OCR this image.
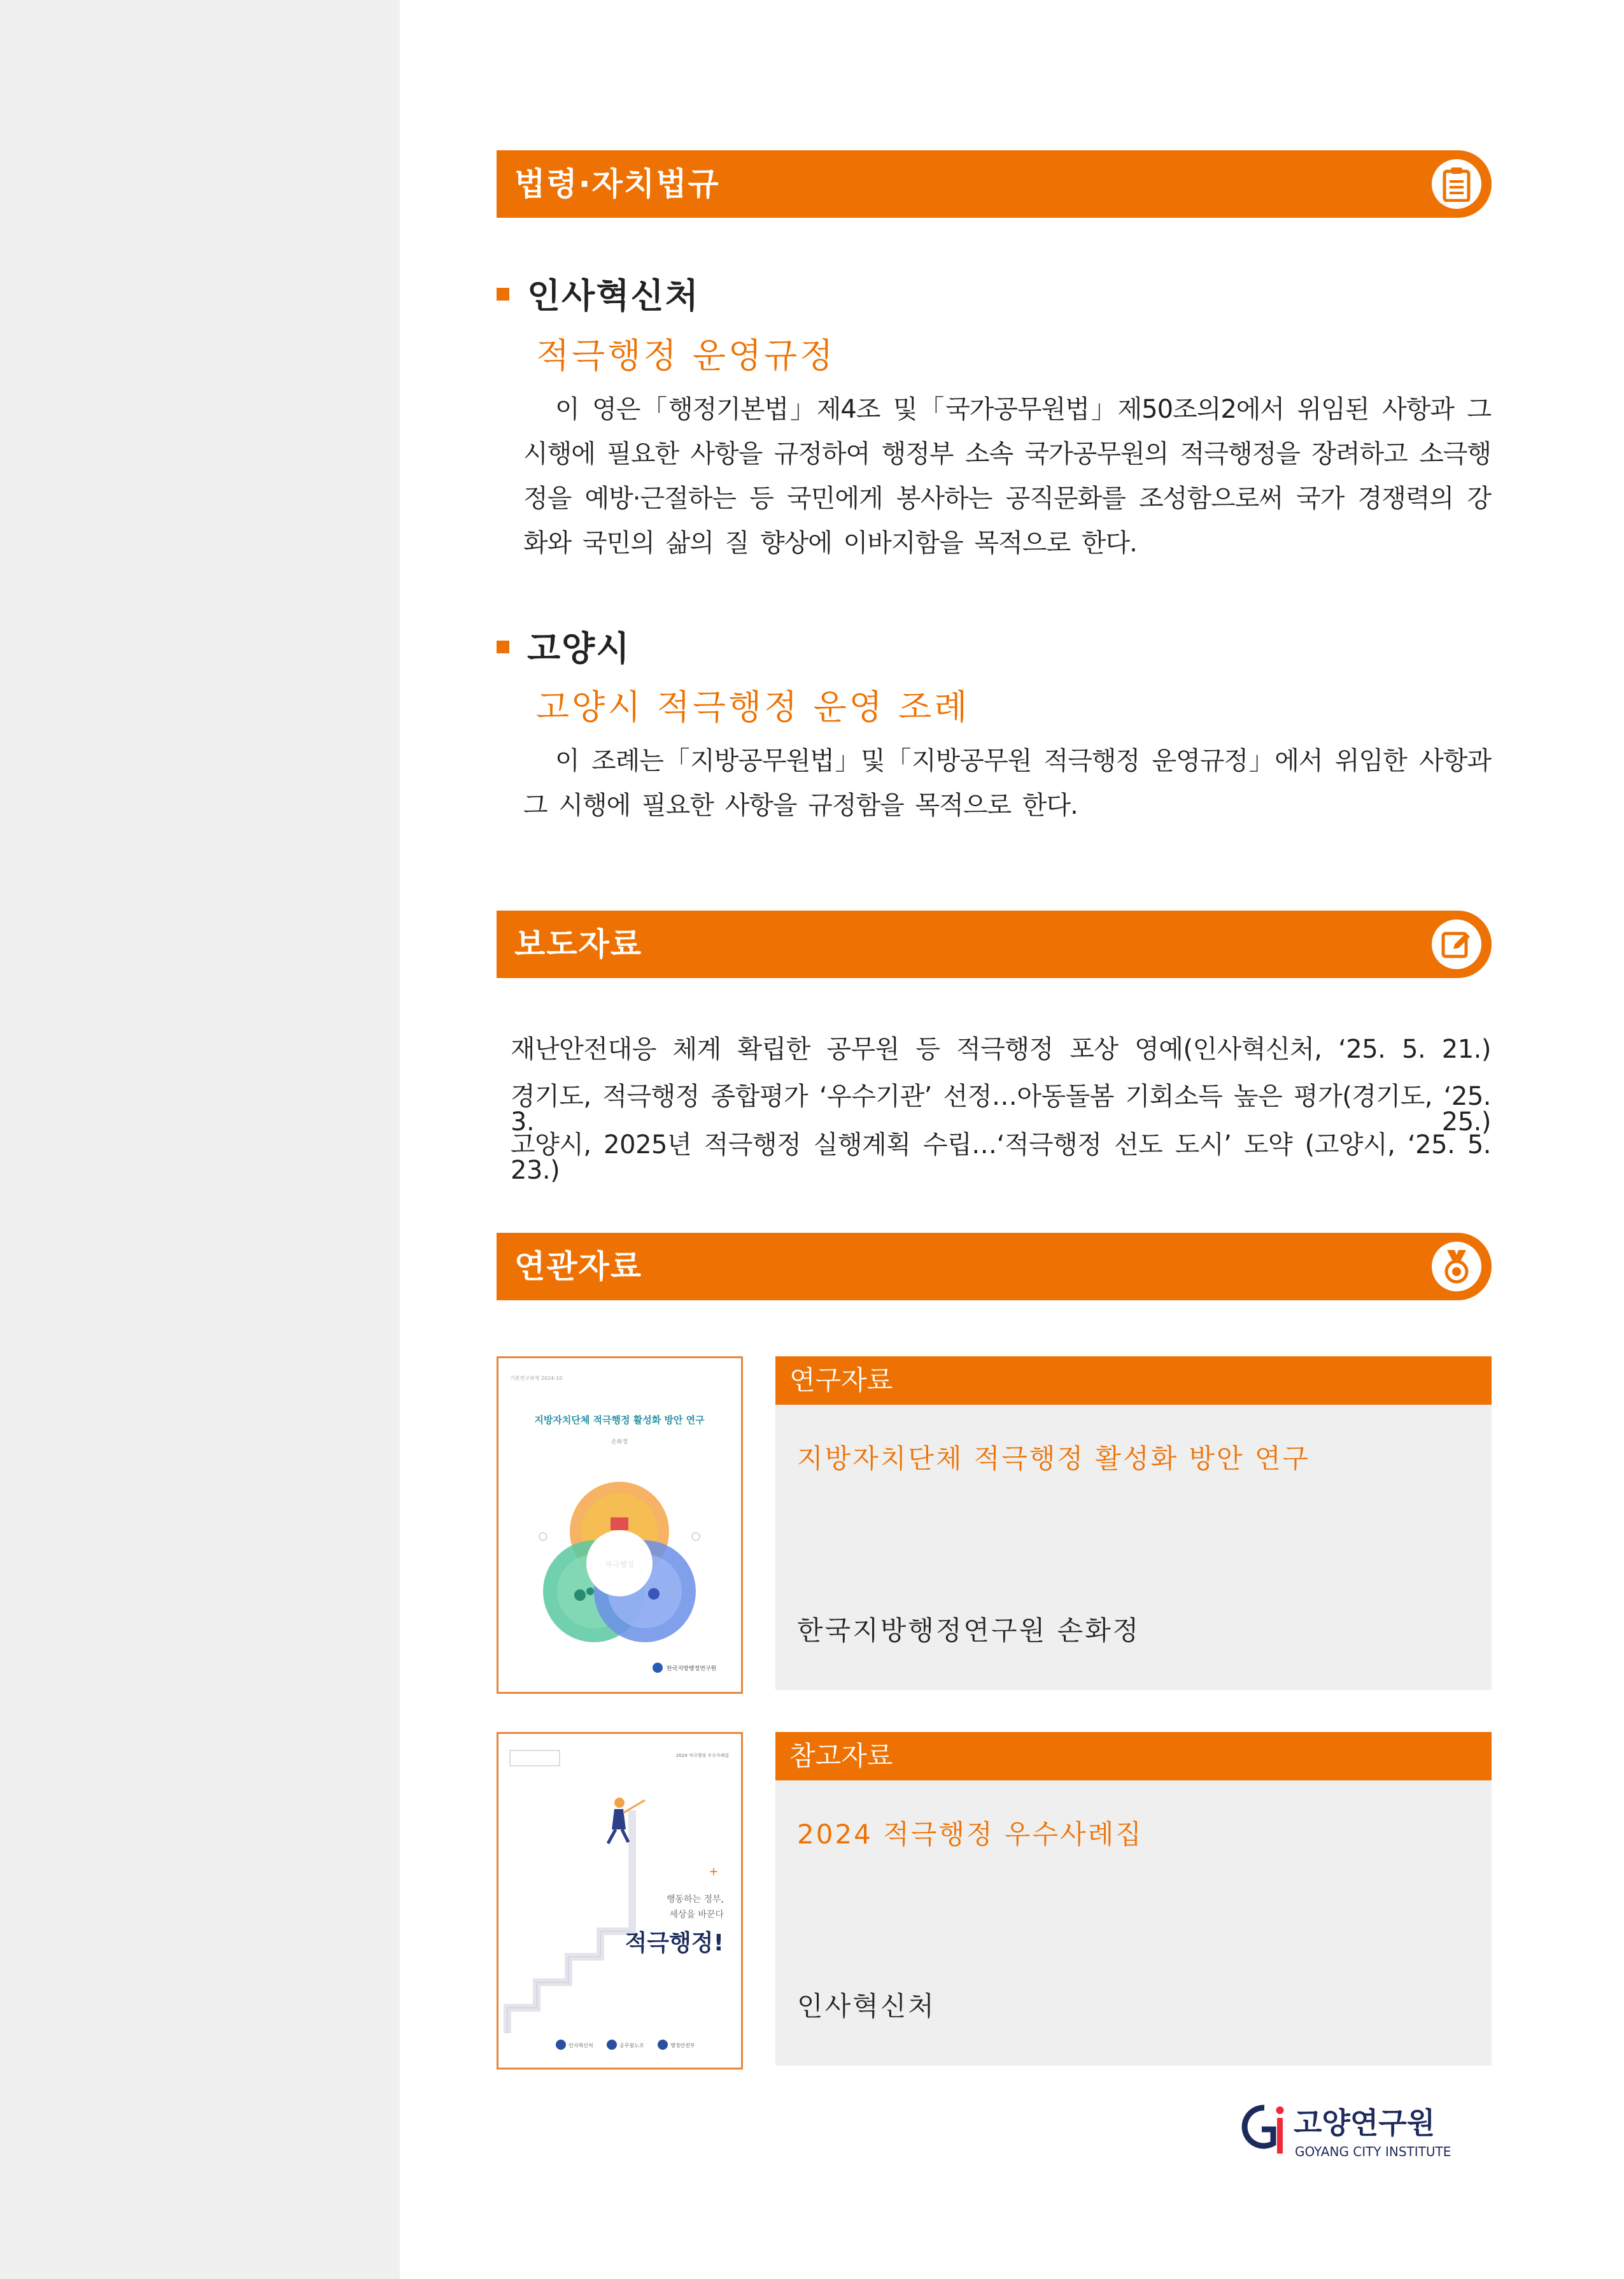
법령·자치법규
인사혁신처
적극행정 운영규정
이 영은「행정기본법」제4조 및「국가공무원법」제50조의2에서 위임된 사항과 그 시행에 필요한 사항을 규정하여 행정부 소속 국가공무원의 적극행정을 장려하고 소극행정을 예방·근절하는 등 국민에게 봉사하는 공직문화를 조성함으로써 국가 경쟁력의 강화와 국민의 삶의 질 향상에 이바지함을 목적으로 한다.
고양시
고양시 적극행정 운영 조례
이 조례는「지방공무원법」및「지방공무원 적극행정 운영규정」에서 위임한 사항과 그 시행에 필요한 사항을 규정함을 목적으로 한다.
보도자료
재난안전대응 체계 확립한 공무원 등 적극행정 포상 영예(인사혁신처, ‘25. 5. 21.)
경기도, 적극행정 종합평가 ‘우수기관’ 선정…아동돌봄 기회소득 높은 평가(경기도, ‘25. 3. 25.)
고양시, 2025년 적극행정 실행계획 수립…‘적극행정 선도 도시’ 도약 (고양시, ‘25. 5. 23.)
연관자료
기본연구과제 2024-10
지방자치단체 적극행정 활성화 방안 연구
손화정
적극행정
한국지방행정연구원
연구자료
지방자치단체 적극행정 활성화 방안 연구
한국지방행정연구원 손화정
2024 적극행정 우수사례집
+
행동하는 정부,
세상을 바꾼다
적극행정!
인사혁신처	공무원노조	행정안전부
참고자료
2024 적극행정 우수사례집
인사혁신처
고양연구원
GOYANG CITY INSTITUTE
